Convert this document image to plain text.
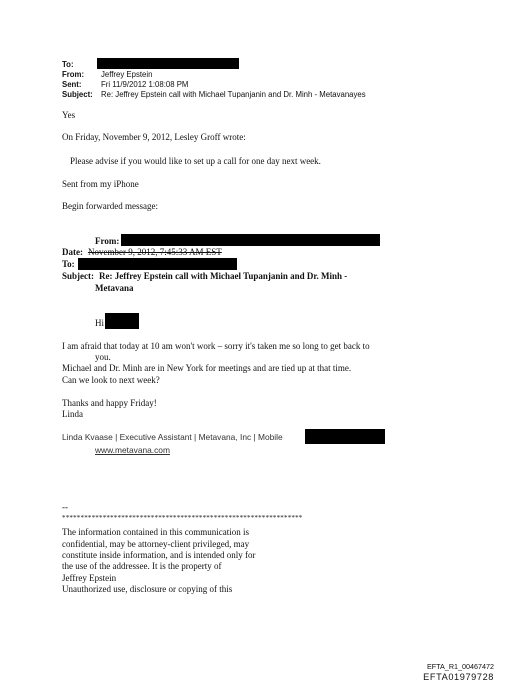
To:
From: Jeffrey Epstein
Sent:	Fri 11/9/2012 1:08:08 PM
Subject: Re: Jeffrey Epstein call with Michael Tupanjanin and Dr. Minh - Metavanayes
Yes
On Friday, November 9, 2012, Lesley Groff wrote:
Please advise if you would like to set up a call for one day next week.
Sent from my iPhone
Begin forwarded message:
From:
Date: November 9, 2012, 7:45:33 AM EST
To:
Subject: Re: Jeffrey Epstein call with Michael Tupanjanin and Dr. Minh -
Metavana
Hi
I am afraid that today at 10 am won't work – sorry it's taken me so long to get back to
you.
Michael and Dr. Minh are in New York for meetings and are tied up at that time.
Can we look to next week?
Thanks and happy Friday!
Linda
Linda Kvaase | Executive Assistant | Metavana, Inc | Mobile
www.metavana.com
--
*****************************************************************
The information contained in this communication is
confidential, may be attorney-client privileged, may
constitute inside information, and is intended only for
the use of the addressee. It is the property of
Jeffrey Epstein
Unauthorized use, disclosure or copying of this
EFTA_R1_00467472
EFTA01979728
